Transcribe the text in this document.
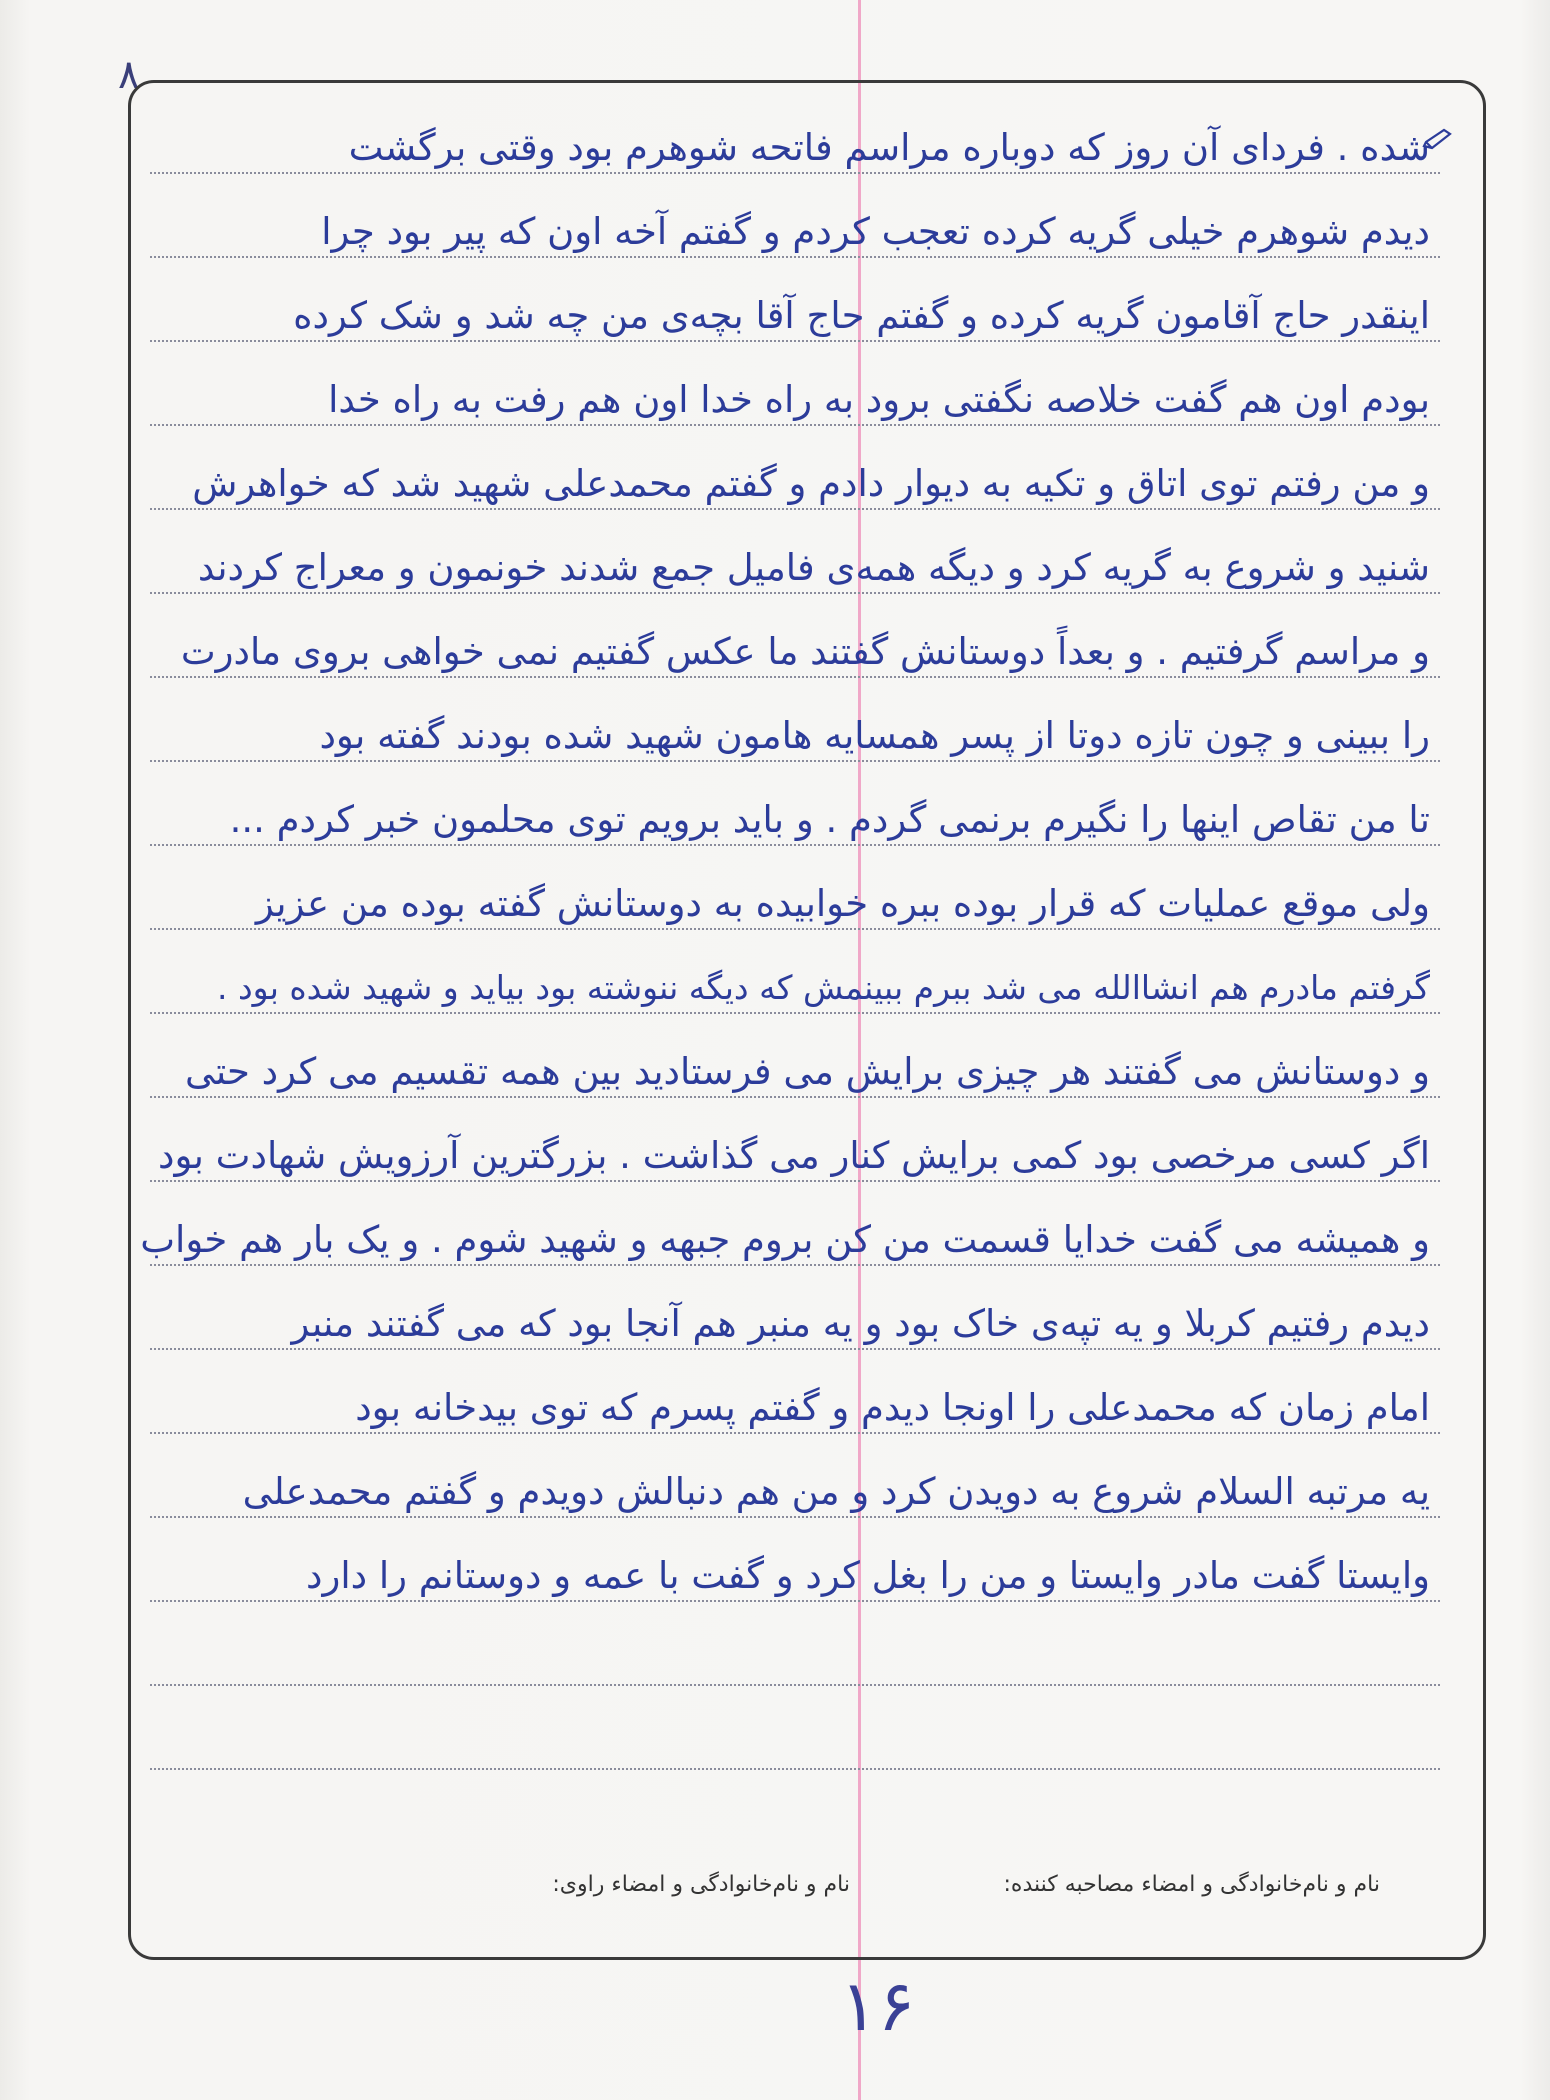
۸
شده . فردای آن روز که دوباره مراسم فاتحه شوهرم بود وقتی برگشت
دیدم شوهرم خیلی گریه کرده تعجب کردم و گفتم آخه اون که پیر بود چرا
اینقدر حاج آقامون گریه کرده و گفتم حاج آقا بچه‌ی من چه شد و شک کرده
بودم اون هم گفت خلاصه نگفتی برود به راه خدا اون هم رفت به راه خدا
و من رفتم توی اتاق و تکیه به دیوار دادم و گفتم محمدعلی شهید شد که خواهرش
شنید و شروع به گریه کرد و دیگه همه‌ی فامیل جمع شدند خونمون و معراج کردند
و مراسم گرفتیم . و بعداً دوستانش گفتند ما عکس گفتیم نمی خواهی بروی مادرت
را ببینی و چون تازه دوتا از پسر همسایه هامون شهید شده بودند گفته بود
تا من تقاص اینها را نگیرم برنمی گردم . و باید برویم توی محلمون خبر کردم ...
ولی موقع عملیات که قرار بوده ببره خوابیده به دوستانش گفته بوده من عزیز
گرفتم مادرم هم انشاالله می شد ببرم ببینمش که دیگه ننوشته بود بیاید و شهید شده بود .
و دوستانش می گفتند هر چیزی برایش می فرستادید بین همه تقسیم می کرد حتی
اگر کسی مرخصی بود کمی برایش کنار می گذاشت . بزرگترین آرزویش شهادت بود
و همیشه می گفت خدایا قسمت من کن بروم جبهه و شهید شوم . و یک بار هم خواب
دیدم رفتیم کربلا و یه تپه‌ی خاک بود و یه منبر هم آنجا بود که می گفتند منبر
امام زمان که محمدعلی را اونجا دیدم و گفتم پسرم که توی بیدخانه بود
یه مرتبه السلام شروع به دویدن کرد و من هم دنبالش دویدم و گفتم محمدعلی
وایستا گفت مادر وایستا و من را بغل کرد و گفت با عمه و دوستانم را دارد
نام و نام‌خانوادگی و امضاء مصاحبه کننده:
نام و نام‌خانوادگی و امضاء راوی:
۱۶
